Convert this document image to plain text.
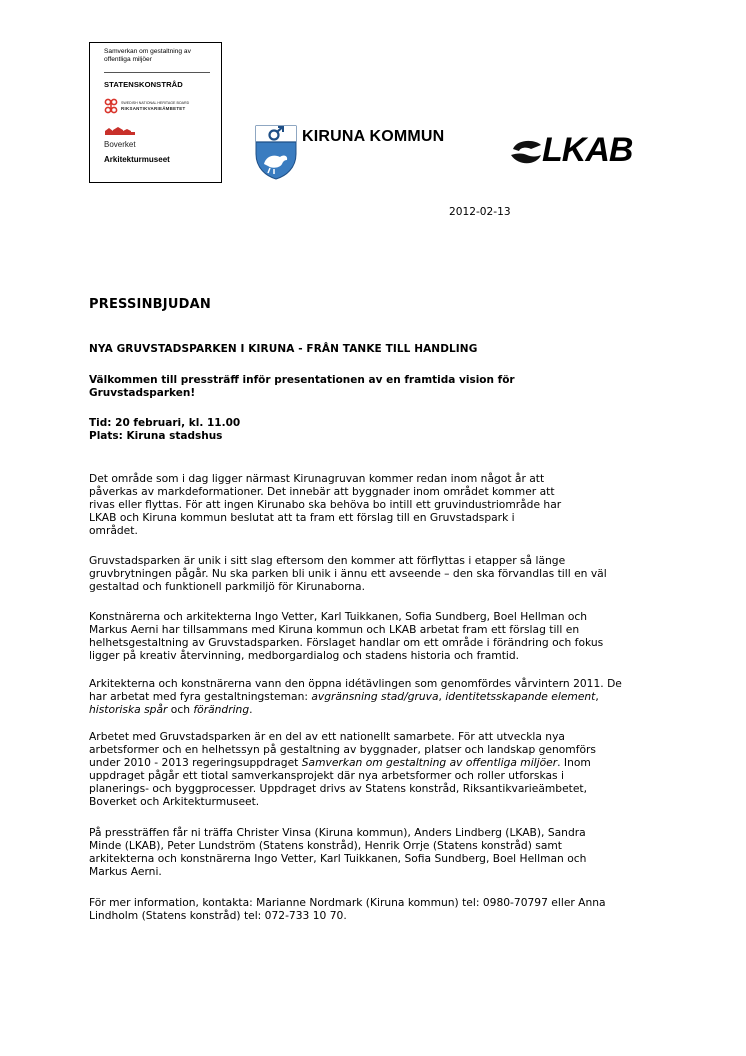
Samverkan om gestaltning av offentliga miljöer
STATENSKONSTRÅD
SWEDISH NATIONAL HERITAGE BOARD
RIKSANTIKVARIEÄMBETET
Boverket
Arkitekturmuseet
KIRUNA KOMMUN	LKAB
2012-02-13
PRESSINBJUDAN
NYA GRUVSTADSPARKEN I KIRUNA - FRÅN TANKE TILL HANDLING
Välkommen till pressträff inför presentationen av en framtida vision för
Gruvstadsparken!
Tid: 20 februari, kl. 11.00
Plats: Kiruna stadshus
Det område som i dag ligger närmast Kirunagruvan kommer redan inom något år att
påverkas av markdeformationer. Det innebär att byggnader inom området kommer att
rivas eller flyttas. För att ingen Kirunabo ska behöva bo intill ett gruvindustriområde har
LKAB och Kiruna kommun beslutat att ta fram ett förslag till en Gruvstadspark i
området.
Gruvstadsparken är unik i sitt slag eftersom den kommer att förflyttas i etapper så länge
gruvbrytningen pågår. Nu ska parken bli unik i ännu ett avseende – den ska förvandlas till en väl
gestaltad och funktionell parkmiljö för Kirunaborna.
Konstnärerna och arkitekterna Ingo Vetter, Karl Tuikkanen, Sofia Sundberg, Boel Hellman och
Markus Aerni har tillsammans med Kiruna kommun och LKAB arbetat fram ett förslag till en
helhetsgestaltning av Gruvstadsparken. Förslaget handlar om ett område i förändring och fokus
ligger på kreativ återvinning, medborgardialog och stadens historia och framtid.
Arkitekterna och konstnärerna vann den öppna idétävlingen som genomfördes vårvintern 2011. De
har arbetat med fyra gestaltningsteman: avgränsning stad/gruva, identitetsskapande element,
historiska spår och förändring.
Arbetet med Gruvstadsparken är en del av ett nationellt samarbete. För att utveckla nya
arbetsformer och en helhetssyn på gestaltning av byggnader, platser och landskap genomförs
under 2010 - 2013 regeringsuppdraget Samverkan om gestaltning av offentliga miljöer. Inom
uppdraget pågår ett tiotal samverkansprojekt där nya arbetsformer och roller utforskas i
planerings- och byggprocesser. Uppdraget drivs av Statens konstråd, Riksantikvarieämbetet,
Boverket och Arkitekturmuseet.
På pressträffen får ni träffa Christer Vinsa (Kiruna kommun), Anders Lindberg (LKAB), Sandra
Minde (LKAB), Peter Lundström (Statens konstråd), Henrik Orrje (Statens konstråd) samt
arkitekterna och konstnärerna Ingo Vetter, Karl Tuikkanen, Sofia Sundberg, Boel Hellman och
Markus Aerni.
För mer information, kontakta: Marianne Nordmark (Kiruna kommun) tel: 0980-70797 eller Anna
Lindholm (Statens konstråd) tel: 072-733 10 70.
